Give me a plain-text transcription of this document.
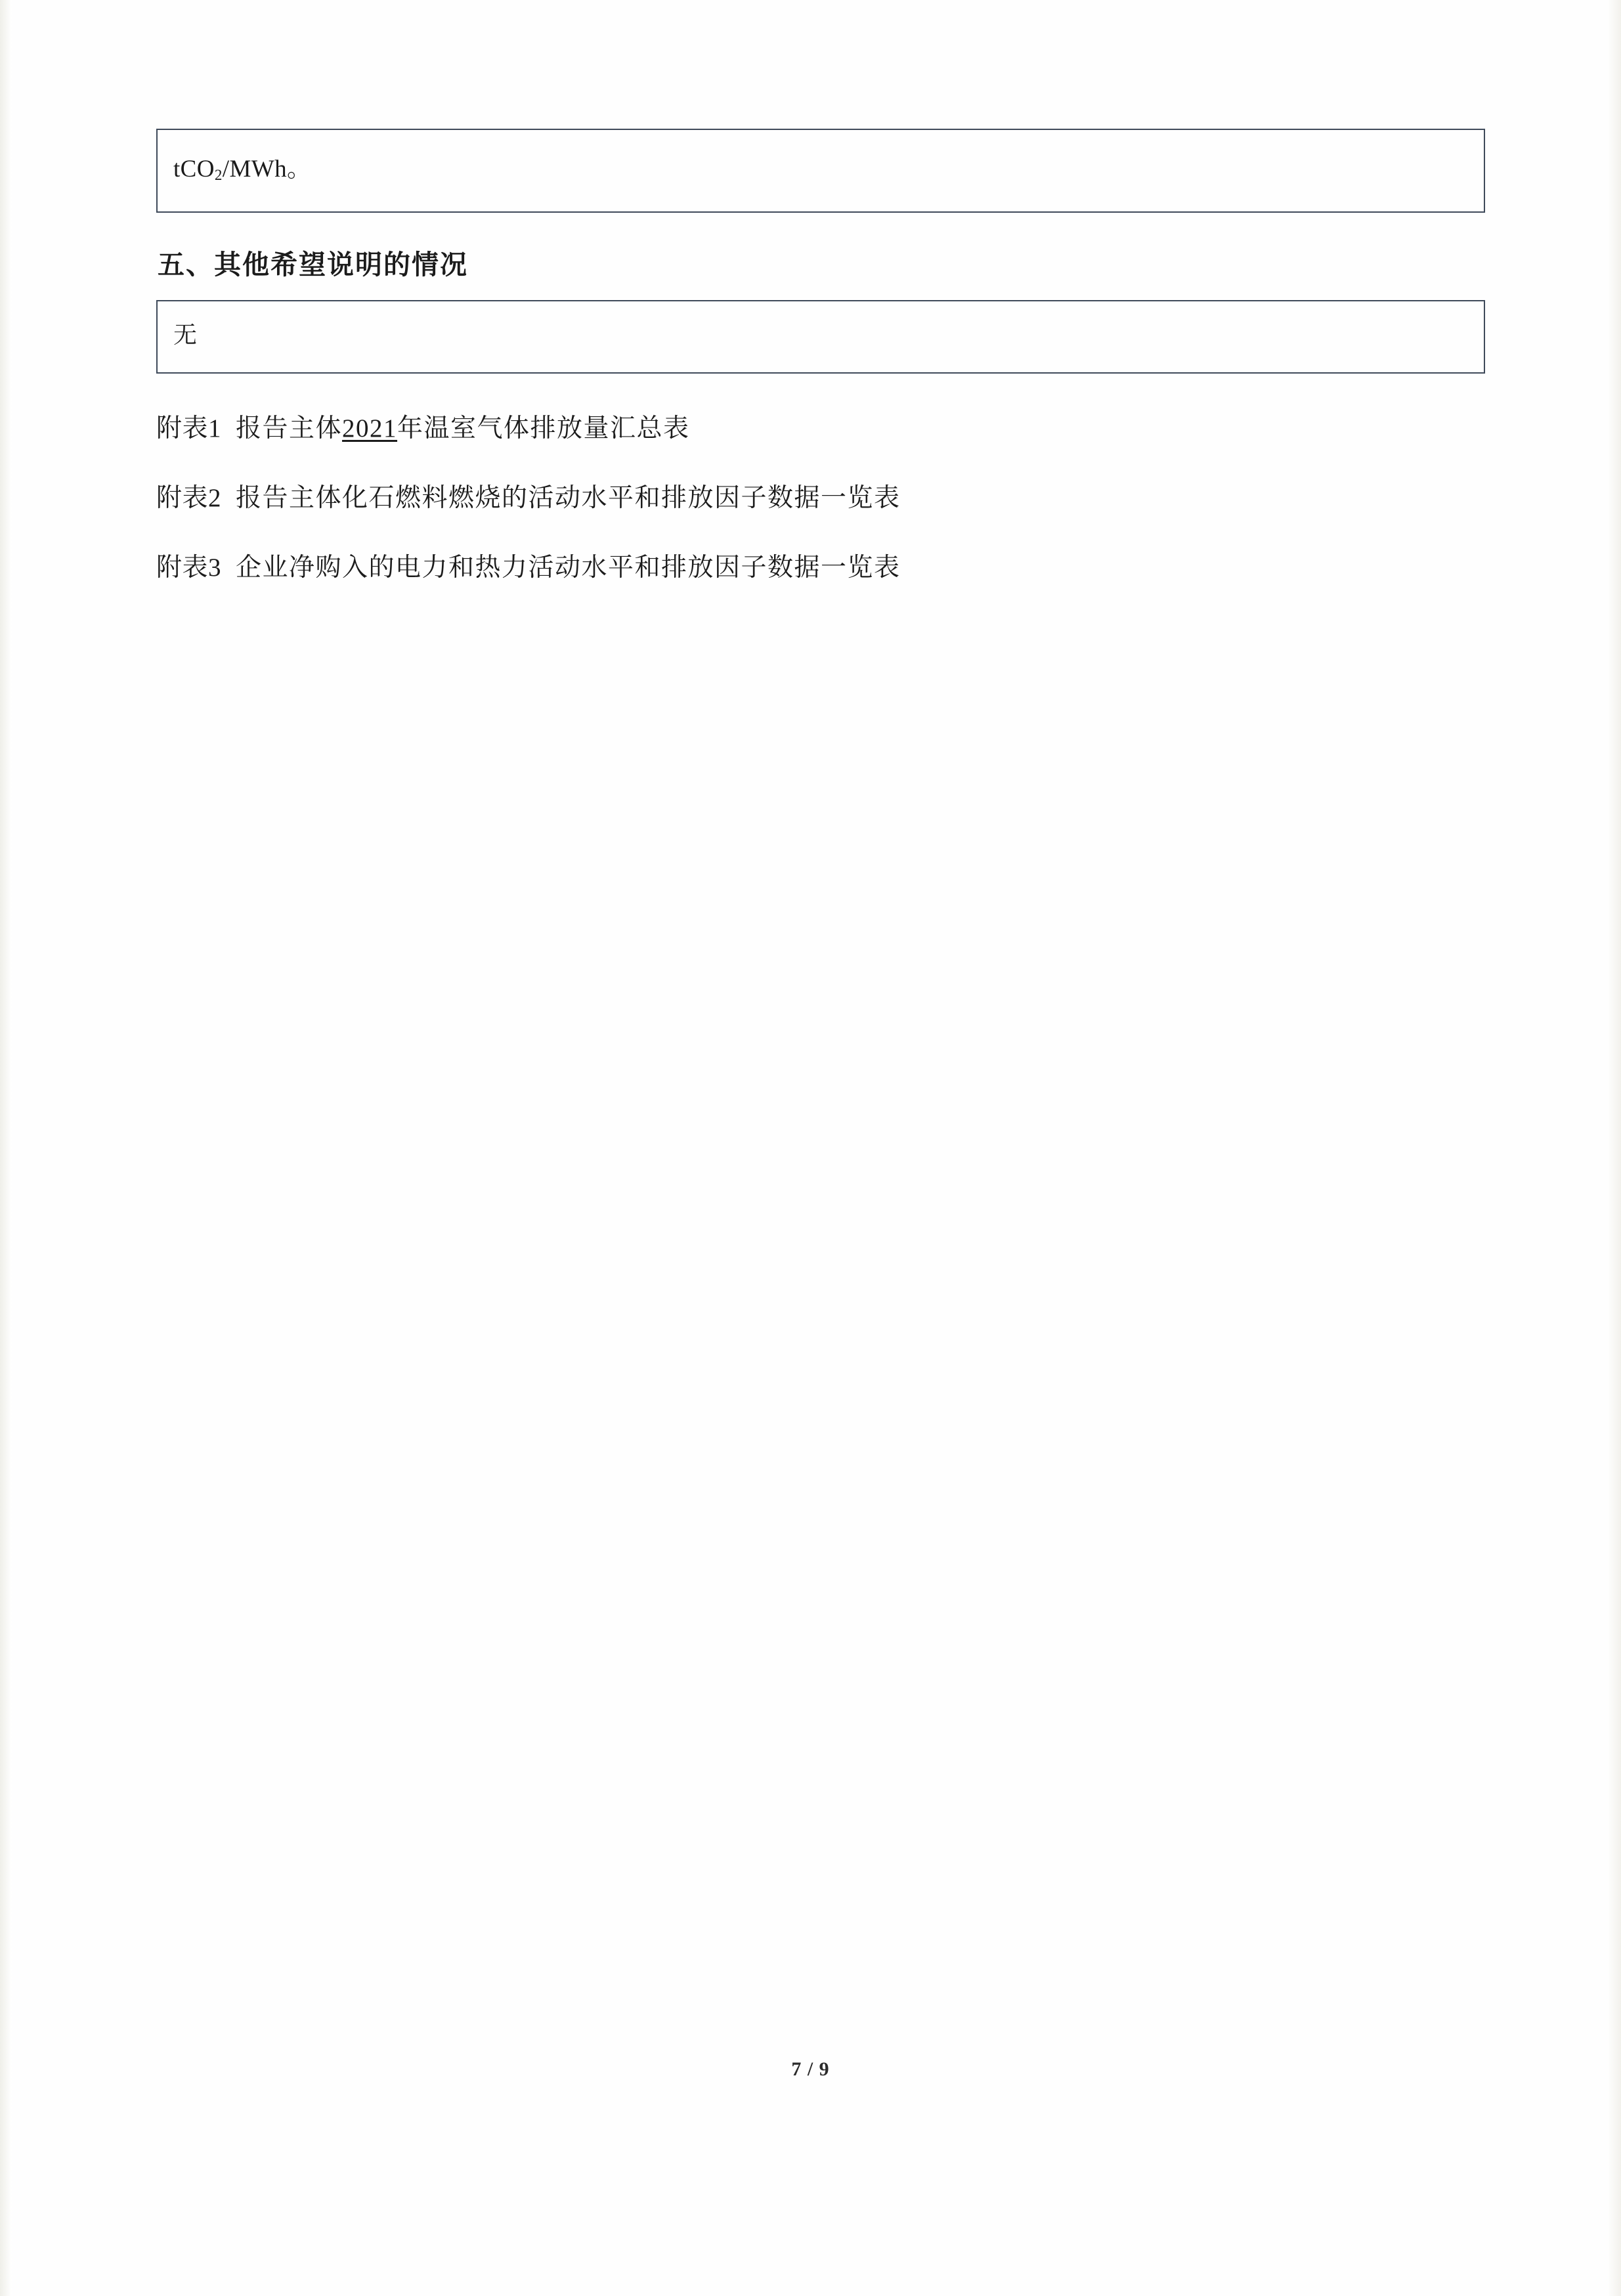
tCO$_2$/MWh。
五、其他希望说明的情况
无
附表1 报告主体2021年温室气体排放量汇总表
附表2 报告主体化石燃料燃烧的活动水平和排放因子数据一览表
附表3 企业净购入的电力和热力活动水平和排放因子数据一览表
7 / 9
